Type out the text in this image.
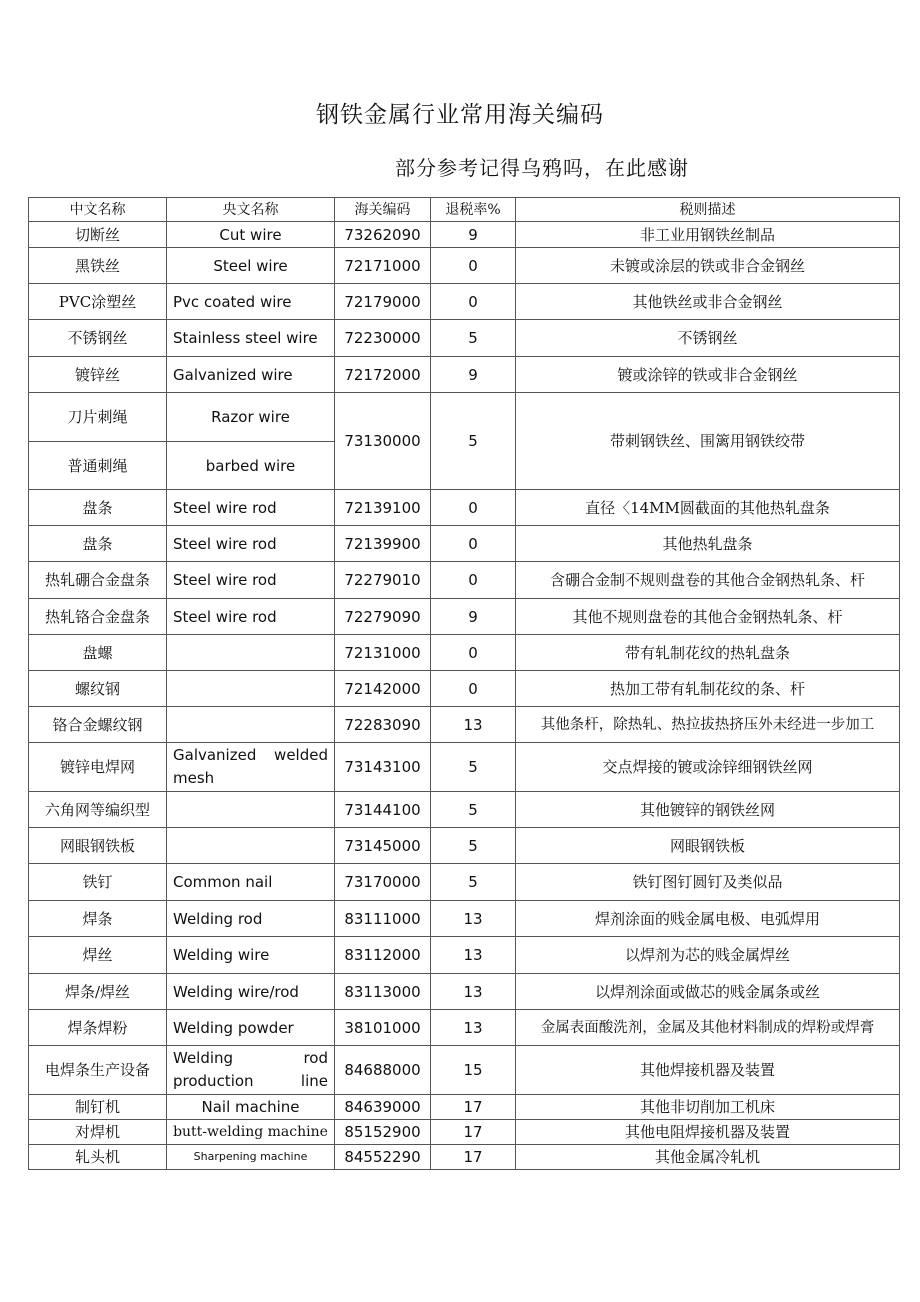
钢铁金属行业常用海关编码
部分参考记得乌鸦吗，在此感谢
中文名称	央文名称	海关编码	退税率%	税则描述
切断丝	Cut wire	73262090	9	非工业用钢铁丝制品
黑铁丝	Steel wire	72171000	0	未镀或涂层的铁或非合金钢丝
PVC涂塑丝	Pvc coated wire	72179000	0	其他铁丝或非合金钢丝
不锈钢丝	Stainless steel wire	72230000	5	不锈钢丝
镀锌丝	Galvanized wire	72172000	9	镀或涂锌的铁或非合金钢丝
刀片刺绳	Razor wire	73130000	5	带刺钢铁丝、围篱用钢铁绞带
普通刺绳	barbed wire			
盘条	Steel wire rod	72139100	0	直径〈14MM圆截面的其他热轧盘条
盘条	Steel wire rod	72139900	0	其他热轧盘条
热轧硼合金盘条	Steel wire rod	72279010	0	含硼合金制不规则盘卷的其他合金钢热轧条、杆
热轧铬合金盘条	Steel wire rod	72279090	9	其他不规则盘卷的其他合金钢热轧条、杆
盘螺		72131000	0	带有轧制花纹的热轧盘条
螺纹钢		72142000	0	热加工带有轧制花纹的条、杆
铬合金螺纹钢		72283090	13	其他条杆，除热轧、热拉拔热挤压外未经进一步加工
镀锌电焊网	Galvanized welded mesh	73143100	5	交点焊接的镀或涂锌细钢铁丝网
六角网等编织型		73144100	5	其他镀锌的钢铁丝网
网眼钢铁板		73145000	5	网眼钢铁板
铁钉	Common nail	73170000	5	铁钉图钉圆钉及类似品
焊条	Welding rod	83111000	13	焊剂涂面的贱金属电极、电弧焊用
焊丝	Welding wire	83112000	13	以焊剂为芯的贱金属焊丝
焊条/焊丝	Welding wire/rod	83113000	13	以焊剂涂面或做芯的贱金属条或丝
焊条焊粉	Welding powder	38101000	13	金属表面酸洗剂，金属及其他材料制成的焊粉或焊膏
电焊条生产设备	Welding rod production line	84688000	15	其他焊接机器及装置
制钉机	Nail machine	84639000	17	其他非切削加工机床
对焊机	butt-welding machine	85152900	17	其他电阻焊接机器及装置
轧头机	Sharpening machine	84552290	17	其他金属冷轧机
